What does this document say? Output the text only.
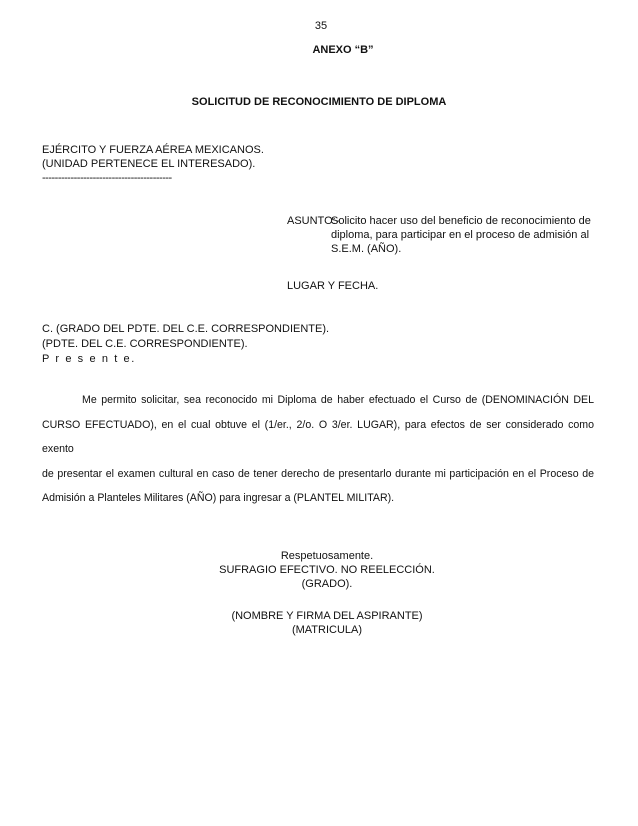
35
ANEXO “B”
SOLICITUD DE RECONOCIMIENTO DE DIPLOMA
EJÉRCITO Y FUERZA AÉREA MEXICANOS.
(UNIDAD PERTENECE EL INTERESADO).
-----------------------------------------
ASUNTO:-
Solicito hacer uso del beneficio de reconocimiento de
diploma, para participar en el proceso de admisión al
S.E.M. (AÑO).
LUGAR Y FECHA.
C. (GRADO DEL PDTE. DEL C.E. CORRESPONDIENTE).
(PDTE. DEL C.E. CORRESPONDIENTE).
P r e s e n t e.
Me permito solicitar, sea reconocido mi Diploma de haber efectuado el Curso de (DENOMINACIÓN DEL
CURSO EFECTUADO), en el cual obtuve el (1/er., 2/o. O 3/er. LUGAR), para efectos de ser considerado como exento
de presentar el examen cultural en caso de tener derecho de presentarlo durante mi participación en el Proceso de
Admisión a Planteles Militares (AÑO) para ingresar a (PLANTEL MILITAR).
Respetuosamente.
SUFRAGIO EFECTIVO. NO REELECCIÓN.
(GRADO).
(NOMBRE Y FIRMA DEL ASPIRANTE)
(MATRICULA)
